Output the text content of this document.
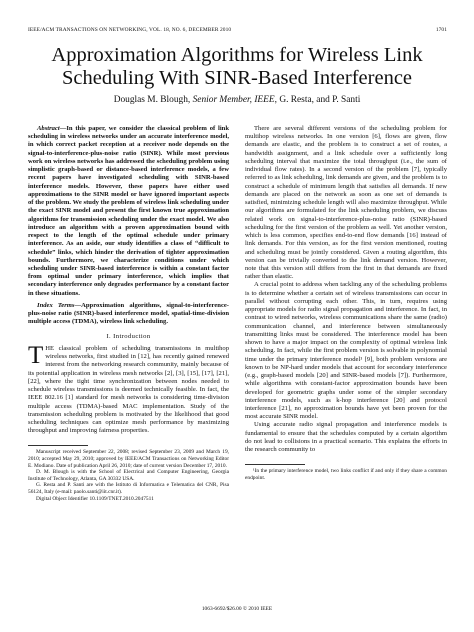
IEEE/ACM TRANSACTIONS ON NETWORKING, VOL. 18, NO. 6, DECEMBER 2010	1701
Approximation Algorithms for Wireless Link Scheduling With SINR-Based Interference
Douglas M. Blough, Senior Member, IEEE, G. Resta, and P. Santi

Abstract—In this paper, we consider the classical problem of link scheduling in wireless networks under an accurate interference model, in which correct packet reception at a receiver node depends on the signal-to-interference-plus-noise ratio (SINR). While most previous work on wireless networks has addressed the scheduling problem using simplistic graph-based or distance-based interference models, a few recent papers have investigated scheduling with SINR-based interference models. However, these papers have either used approximations to the SINR model or have ignored important aspects of the problem. We study the problem of wireless link scheduling under the exact SINR model and present the first known true approximation algorithms for transmission scheduling under the exact model. We also introduce an algorithm with a proven approximation bound with respect to the length of the optimal schedule under primary interference. As an aside, our study identifies a class of “difficult to schedule” links, which hinder the derivation of tighter approximation bounds. Furthermore, we characterize conditions under which scheduling under SINR-based interference is within a constant factor from optimal under primary interference, which implies that secondary interference only degrades performance by a constant factor in these situations.

Index Terms—Approximation algorithms, signal-to-interference-plus-noise ratio (SINR)-based interference model, spatial-time-division multiple access (TDMA), wireless link scheduling.

I. Introduction

THE classical problem of scheduling transmissions in multihop wireless networks, first studied in [12], has recently gained renewed interest from the networking research community, mainly because of its potential application in wireless mesh networks [2], [3], [15], [17], [21], [22], where the tight time synchronization between nodes needed to schedule wireless transmissions is deemed technically feasible. In fact, the IEEE 802.16 [1] standard for mesh networks is considering time-division multiple access (TDMA)-based MAC implementation. Study of the transmission scheduling problem is motivated by the likelihood that good scheduling techniques can optimize mesh performance by maximizing throughput and improving fairness properties.

Manuscript received September 22, 2008; revised September 23, 2009 and March 19, 2010; accepted May 29, 2010; approved by IEEE/ACM Transactions on Networking Editor E. Modiano. Date of publication April 26, 2010; date of current version December 17, 2010.

D. M. Blough is with the School of Electrical and Computer Engineering, Georgia Institute of Technology, Atlanta, GA 30332 USA.

G. Resta and P. Santi are with the Istituto di Informatica e Telematica del CNR, Pisa 56124, Italy (e-mail: paolo.santi@iit.cnr.it).

Digital Object Identifier 10.1109/TNET.2010.2047511

There are several different versions of the scheduling problem for multihop wireless networks. In one version [6], flows are given, flow demands are elastic, and the problem is to construct a set of routes, a bandwidth assignment, and a link schedule over a sufficiently long scheduling interval that maximize the total throughput (i.e., the sum of individual flow rates). In a second version of the problem [7], typically referred to as link scheduling, link demands are given, and the problem is to construct a schedule of minimum length that satisfies all demands. If new demands are placed on the network as soon as one set of demands is satisfied, minimizing schedule length will also maximize throughput. While our algorithms are formulated for the link scheduling problem, we discuss related work on signal-to-interference-plus-noise ratio (SINR)-based scheduling for the first version of the problem as well. Yet another version, which is less common, specifies end-to-end flow demands [16] instead of link demands. For this version, as for the first version mentioned, routing and scheduling must be jointly considered. Given a routing algorithm, this version can be trivially converted to the link demand version. However, note that this version still differs from the first in that demands are fixed rather than elastic.

A crucial point to address when tackling any of the scheduling problems is to determine whether a certain set of wireless transmissions can occur in parallel without corrupting each other. This, in turn, requires using appropriate models for radio signal propagation and interference. In fact, in contrast to wired networks, wireless communications share the same (radio) communication channel, and interference between simultaneously transmitting links must be considered. The interference model has been shown to have a major impact on the complexity of optimal wireless link scheduling. In fact, while the first problem version is solvable in polynomial time under the primary interference model¹ [9], both problem versions are known to be NP-hard under models that account for secondary interference (e.g., graph-based models [20] and SINR-based models [7]). Furthermore, while algorithms with constant-factor approximation bounds have been developed for geometric graphs under some of the simpler secondary interference models, such as k-hop interference [20] and protocol interference [21], no approximation bounds have yet been proven for the most accurate SINR model.

Using accurate radio signal propagation and interference models is fundamental to ensure that the schedules computed by a certain algorithm do not lead to collisions in a practical scenario. This explains the efforts in the research community to

¹In the primary interference model, two links conflict if and only if they share a common endpoint.

1063-6692/$26.00 © 2010 IEEE
